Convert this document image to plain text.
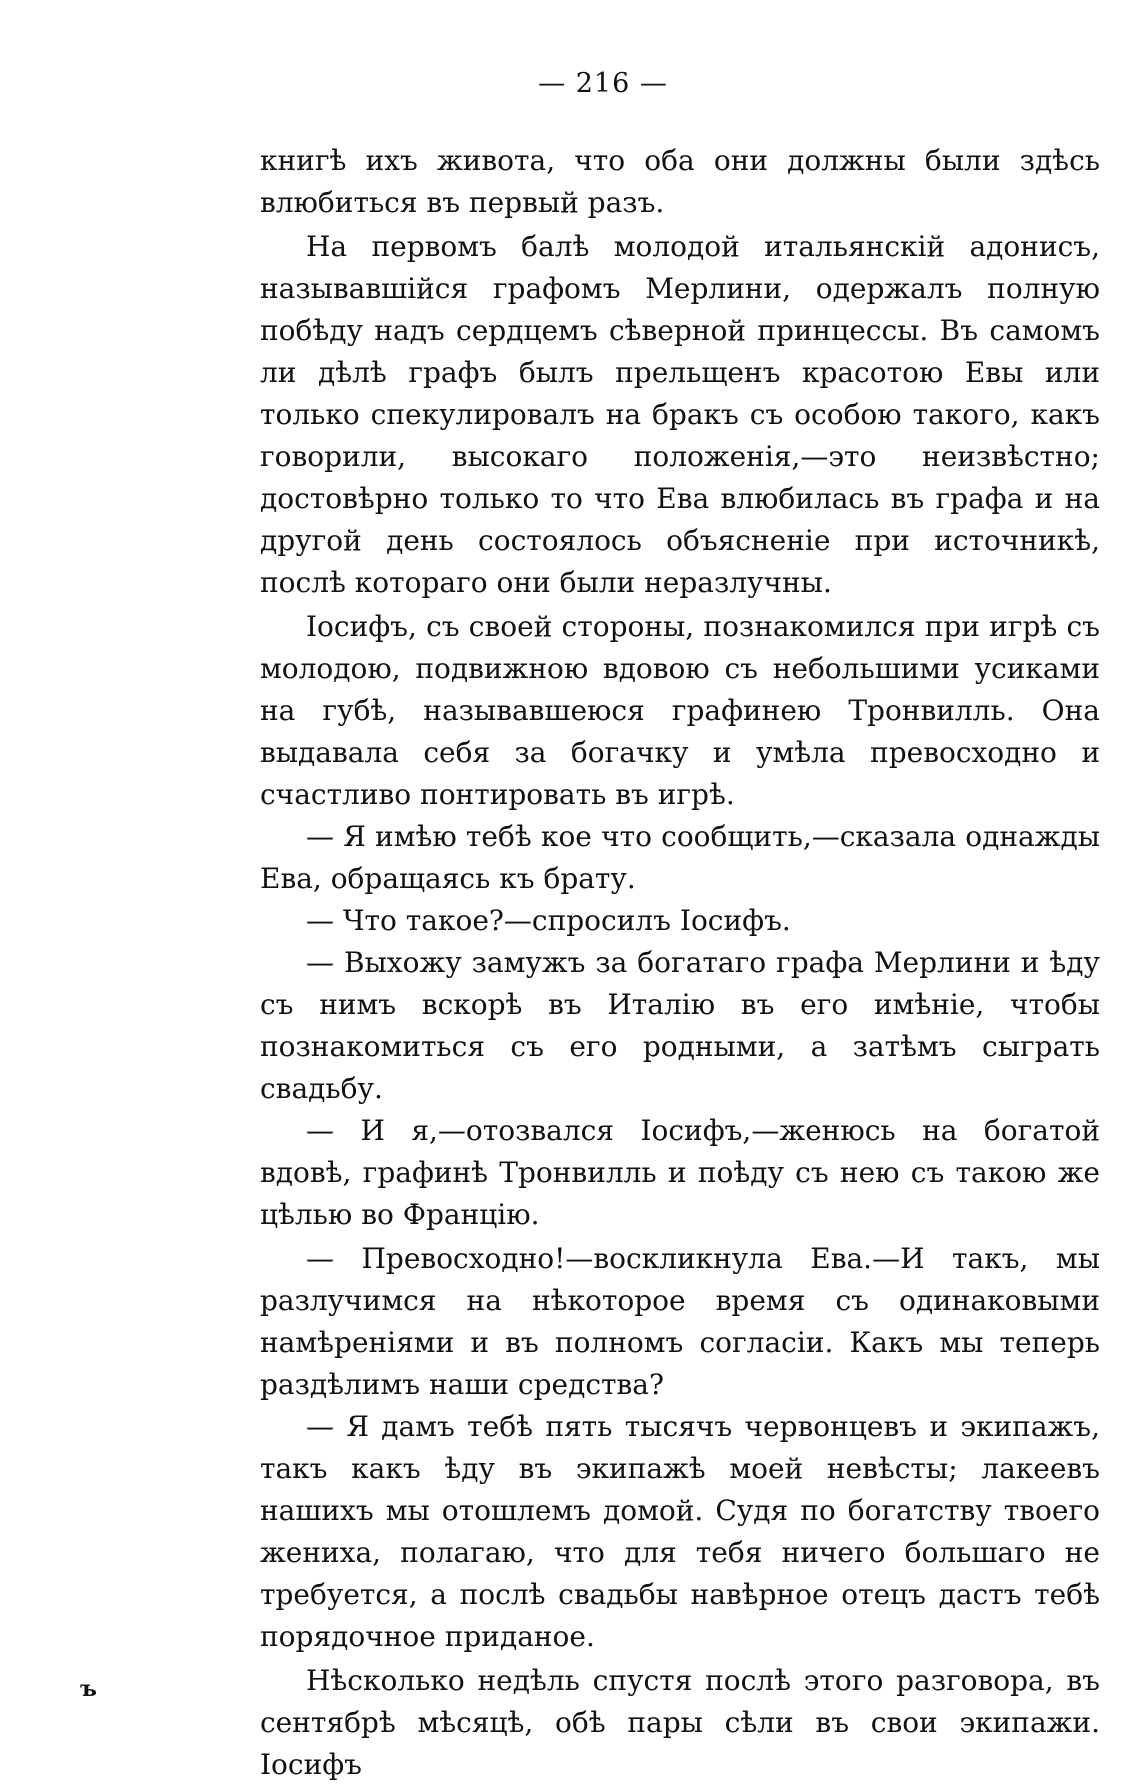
— 216 —

книгѣ ихъ живота, что оба они должны были здѣсь влюбиться въ первый разъ.

На первомъ балѣ молодой итальянскій адонисъ, называвшійся графомъ Мерлини, одержалъ полную побѣду надъ сердцемъ сѣверной принцессы. Въ самомъ ли дѣлѣ графъ былъ прельщенъ красотою Евы или только спекулировалъ на бракъ съ особою такого, какъ говорили, высокаго положенія,—это неизвѣстно; достовѣрно только то что Ева влюбилась въ графа и на другой день состоялось объясненіе при источникѣ, послѣ котораго они были неразлучны.

Іосифъ, съ своей стороны, познакомился при игрѣ съ молодою, подвижною вдовою съ небольшими усиками на губѣ, называвшеюся графинею Тронвилль. Она выдавала себя за богачку и умѣла превосходно и счастливо понтировать въ игрѣ.

— Я имѣю тебѣ кое что сообщить,—сказала однажды Ева, обращаясь къ брату.

— Что такое?—спросилъ Іосифъ.

— Выхожу замужъ за богатаго графа Мерлини и ѣду съ нимъ вскорѣ въ Италію въ его имѣніе, чтобы познакомиться съ его родными, а затѣмъ сыграть свадьбу.

— И я,—отозвался Іосифъ,—женюсь на богатой вдовѣ, графинѣ Тронвилль и поѣду съ нею съ такою же цѣлью во Францію.

— Превосходно!—воскликнула Ева.—И такъ, мы разлучимся на нѣкоторое время съ одинаковыми намѣреніями и въ полномъ согласіи. Какъ мы теперь раздѣлимъ наши средства?

— Я дамъ тебѣ пять тысячъ червонцевъ и экипажъ, такъ какъ ѣду въ экипажѣ моей невѣсты; лакеевъ нашихъ мы отошлемъ домой. Судя по богатству твоего жениха, полагаю, что для тебя ничего большаго не требуется, а послѣ свадьбы навѣрное отецъ дастъ тебѣ порядочное приданое.

Нѣсколько недѣль спустя послѣ этого разговора, въ сентябрѣ мѣсяцѣ, обѣ пары сѣли въ свои экипажи. Іосифъ

ъ
